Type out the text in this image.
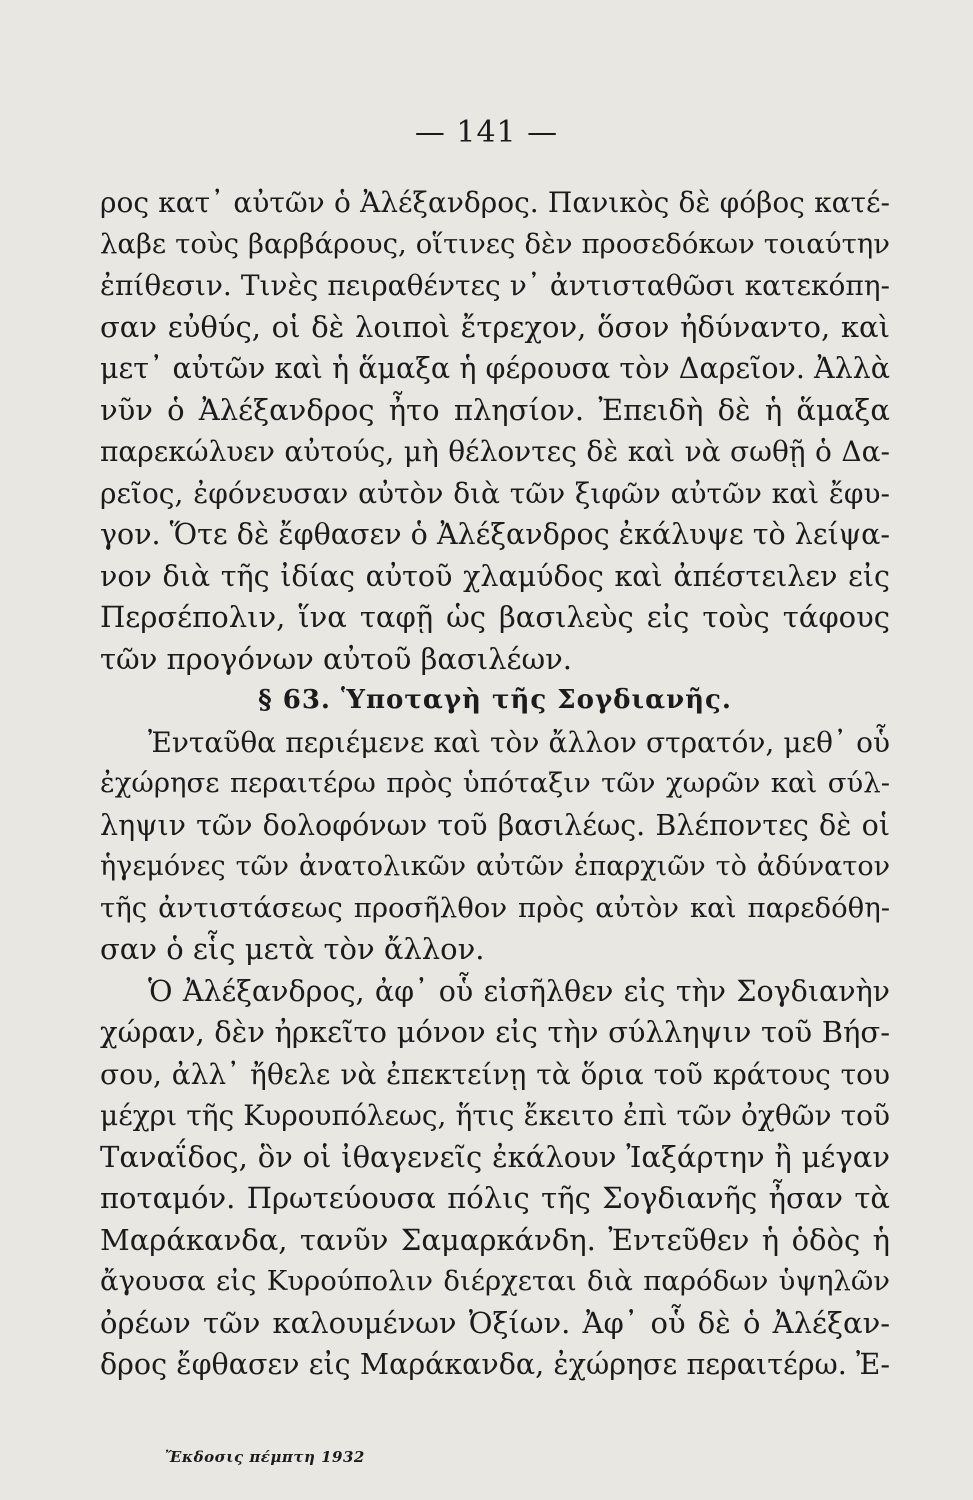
— 141 —
ρος κατ᾽ αὐτῶν ὁ Ἀλέξανδρος. Πανικὸς δὲ φόβος κατέ-
λαβε τοὺς βαρβάρους, οἵτινες δὲν προσεδόκων τοιαύτην
ἐπίθεσιν. Τινὲς πειραθέντες ν᾽ ἀντισταθῶσι κατεκόπη-
σαν εὐθύς, οἱ δὲ λοιποὶ ἔτρεχον, ὅσον ἠδύναντο, καὶ
μετ᾽ αὐτῶν καὶ ἡ ἅμαξα ἡ φέρουσα τὸν Δαρεῖον. Ἀλλὰ
νῦν ὁ Ἀλέξανδρος ἦτο πλησίον. Ἐπειδὴ δὲ ἡ ἅμαξα
παρεκώλυεν αὐτούς, μὴ θέλοντες δὲ καὶ νὰ σωθῇ ὁ Δα-
ρεῖος, ἐφόνευσαν αὐτὸν διὰ τῶν ξιφῶν αὐτῶν καὶ ἔφυ-
γον. Ὅτε δὲ ἔφθασεν ὁ Ἀλέξανδρος ἐκάλυψε τὸ λείψα-
νον διὰ τῆς ἰδίας αὐτοῦ χλαμύδος καὶ ἀπέστειλεν εἰς
Περσέπολιν, ἵνα ταφῇ ὡς βασιλεὺς εἰς τοὺς τάφους
τῶν προγόνων αὐτοῦ βασιλέων.
§ 63. Ὑποταγὴ τῆς Σογδιανῆς.
Ἐνταῦθα περιέμενε καὶ τὸν ἄλλον στρατόν, μεθ᾽ οὗ
ἐχώρησε περαιτέρω πρὸς ὑπόταξιν τῶν χωρῶν καὶ σύλ-
ληψιν τῶν δολοφόνων τοῦ βασιλέως. Βλέποντες δὲ οἱ
ἡγεμόνες τῶν ἀνατολικῶν αὐτῶν ἐπαρχιῶν τὸ ἀδύνατον
τῆς ἀντιστάσεως προσῆλθον πρὸς αὐτὸν καὶ παρεδόθη-
σαν ὁ εἷς μετὰ τὸν ἄλλον.
Ὁ Ἀλέξανδρος, ἀφ᾽ οὗ εἰσῆλθεν εἰς τὴν Σογδιανὴν
χώραν, δὲν ἠρκεῖτο μόνον εἰς τὴν σύλληψιν τοῦ Βήσ-
σου, ἀλλ᾽ ἤθελε νὰ ἐπεκτείνῃ τὰ ὅρια τοῦ κράτους του
μέχρι τῆς Κυρουπόλεως, ἥτις ἔκειτο ἐπὶ τῶν ὀχθῶν τοῦ
Ταναΐδος, ὃν οἱ ἰθαγενεῖς ἐκάλουν Ἰαξάρτην ἢ μέγαν
ποταμόν. Πρωτεύουσα πόλις τῆς Σογδιανῆς ἦσαν τὰ
Μαράκανδα, τανῦν Σαμαρκάνδη. Ἐντεῦθεν ἡ ὁδὸς ἡ
ἄγουσα εἰς Κυρούπολιν διέρχεται διὰ παρόδων ὑψηλῶν
ὀρέων τῶν καλουμένων Ὀξίων. Ἀφ᾽ οὗ δὲ ὁ Ἀλέξαν-
δρος ἔφθασεν εἰς Μαράκανδα, ἐχώρησε περαιτέρω. Ἐ-
Ἔκδοσις πέμπτη 1932
